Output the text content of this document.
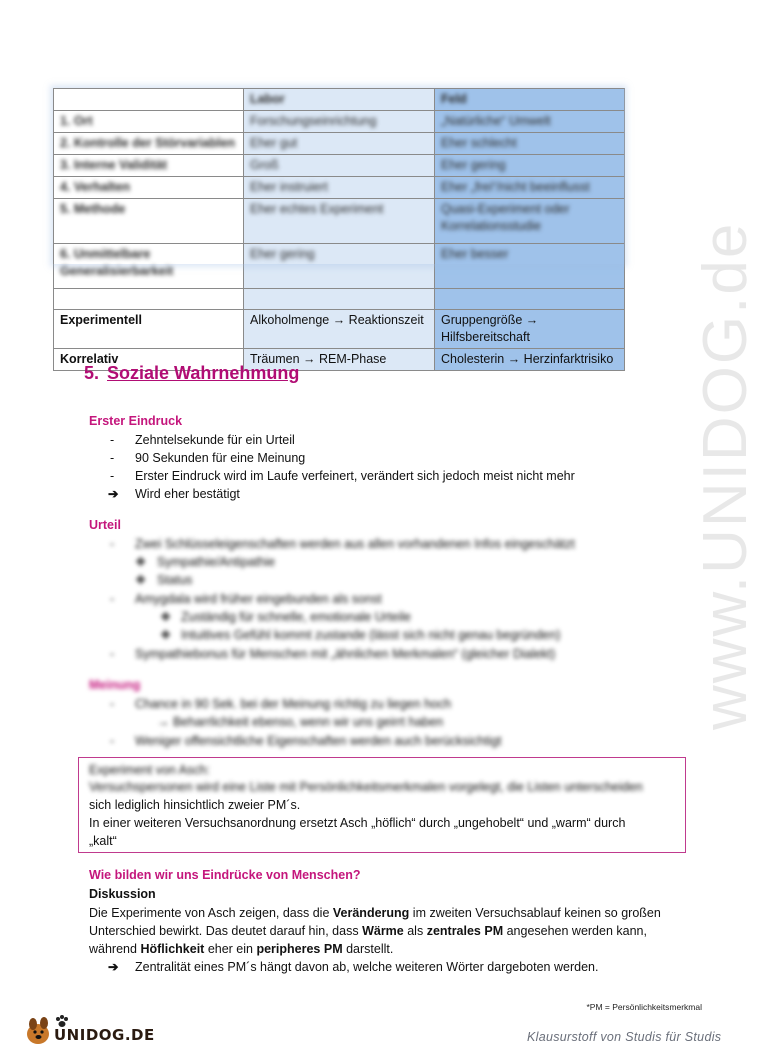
www.UNIDOG.de
	Labor	Feld
1. Ort	Forschungseinrichtung	„Natürliche“ Umwelt
2. Kontrolle der Störvariablen	Eher gut	Eher schlecht
3. Interne Validität	Groß	Eher gering
4. Verhalten	Eher instruiert	Eher „frei“/nicht beeinflusst
5. Methode	Eher echtes Experiment	Quasi-Experiment oder Korrelationsstudie
6. Unmittelbare Generalisierbarkeit	Eher gering	Eher besser

Experimentell	Alkoholmenge → Reaktionszeit	Gruppengröße → Hilfsbereitschaft
Korrelativ	Träumen → REM-Phase	Cholesterin → Herzinfarktrisiko
5. Soziale Wahrnehmung
Erster Eindruck
- Zehntelsekunde für ein Urteil
- 90 Sekunden für eine Meinung
- Erster Eindruck wird im Laufe verfeinert, verändert sich jedoch meist nicht mehr
➔ Wird eher bestätigt
Urteil
- Zwei Schlüsseleigenschaften werden aus allen vorhandenen Infos eingeschätzt
❖ Sympathie/Antipathie
❖ Status
- Amygdala wird früher eingebunden als sonst
❖ Zuständig für schnelle, emotionale Urteile
❖ Intuitives Gefühl kommt zustande (lässt sich nicht genau begründen)
- Sympathiebonus für Menschen mit „ähnlichen Merkmalen“ (gleicher Dialekt)
Meinung
- Chance in 90 Sek. bei der Meinung richtig zu liegen hoch
→ Beharrlichkeit ebenso, wenn wir uns geirrt haben
- Weniger offensichtliche Eigenschaften werden auch berücksichtigt
Experiment von Asch:
Versuchspersonen wird eine Liste mit Persönlichkeitsmerkmalen vorgelegt, die Listen unterscheiden
sich lediglich hinsichtlich zweier PM´s.
In einer weiteren Versuchsanordnung ersetzt Asch „höflich“ durch „ungehobelt“ und „warm“ durch
„kalt“
Wie bilden wir uns Eindrücke von Menschen?
Diskussion
Die Experimente von Asch zeigen, dass die Veränderung im zweiten Versuchsablauf keinen so großen
Unterschied bewirkt. Das deutet darauf hin, dass Wärme als zentrales PM angesehen werden kann,
während Höflichkeit eher ein peripheres PM darstellt.
➔ Zentralität eines PM´s hängt davon ab, welche weiteren Wörter dargeboten werden.
*PM = Persönlichkeitsmerkmal
UNIDOG.DE	Klausurstoff von Studis für Studis
